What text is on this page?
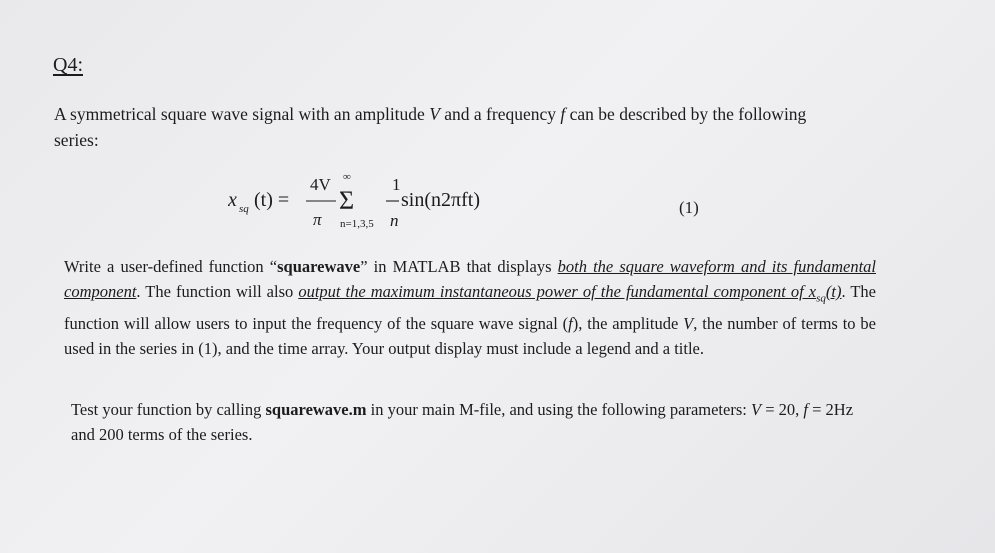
Q4:
A symmetrical square wave signal with an amplitude V and a frequency f can be described by the following series:
x sq (t) =
4V
π
∞
Σ
n=1,3,5
1
n
sin(n2πft)	(1)

Write a user-defined function “squarewave” in MATLAB that displays both the square waveform and its fundamental component. The function will also output the maximum instantaneous power of the fundamental component of $x_{sq}(t)$. The function will allow users to input the frequency of the square wave signal (f), the amplitude V, the number of terms to be used in the series in (1), and the time array. Your output display must include a legend and a title.

Test your function by calling squarewave.m in your main M-file, and using the following parameters: V = 20, f = 2Hz and 200 terms of the series.
